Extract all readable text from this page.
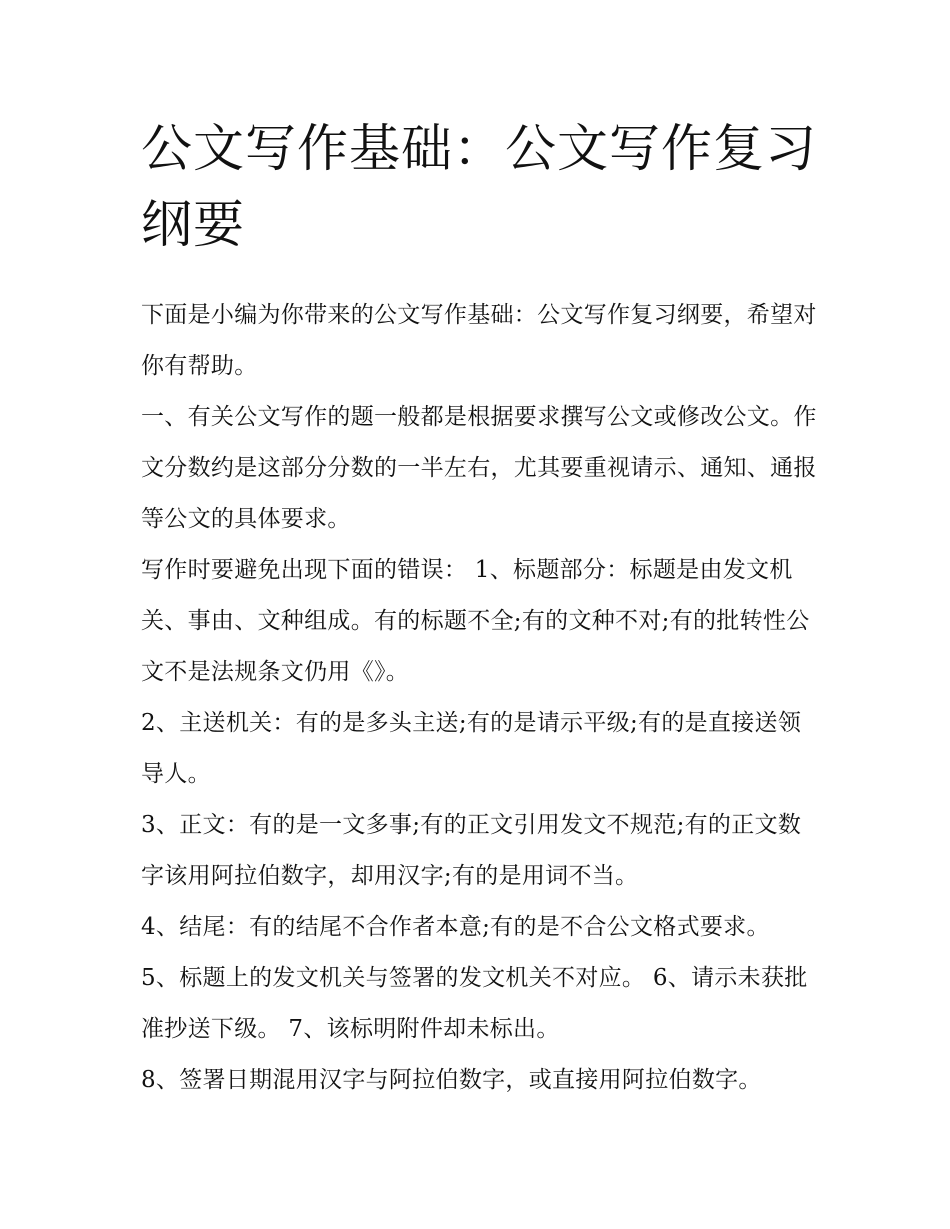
公文写作基础：公文写作复习纲要

下面是小编为你带来的公文写作基础：公文写作复习纲要，希望对你有帮助。

一、有关公文写作的题一般都是根据要求撰写公文或修改公文。作文分数约是这部分分数的一半左右，尤其要重视请示、通知、通报等公文的具体要求。

写作时要避免出现下面的错误： 1、标题部分：标题是由发文机关、事由、文种组成。有的标题不全;有的文种不对;有的批转性公文不是法规条文仍用《》。

2、主送机关：有的是多头主送;有的是请示平级;有的是直接送领导人。

3、正文：有的是一文多事;有的正文引用发文不规范;有的正文数字该用阿拉伯数字，却用汉字;有的是用词不当。

4、结尾：有的结尾不合作者本意;有的是不合公文格式要求。

5、标题上的发文机关与签署的发文机关不对应。 6、请示未获批准抄送下级。 7、该标明附件却未标出。

8、签署日期混用汉字与阿拉伯数字，或直接用阿拉伯数字。
